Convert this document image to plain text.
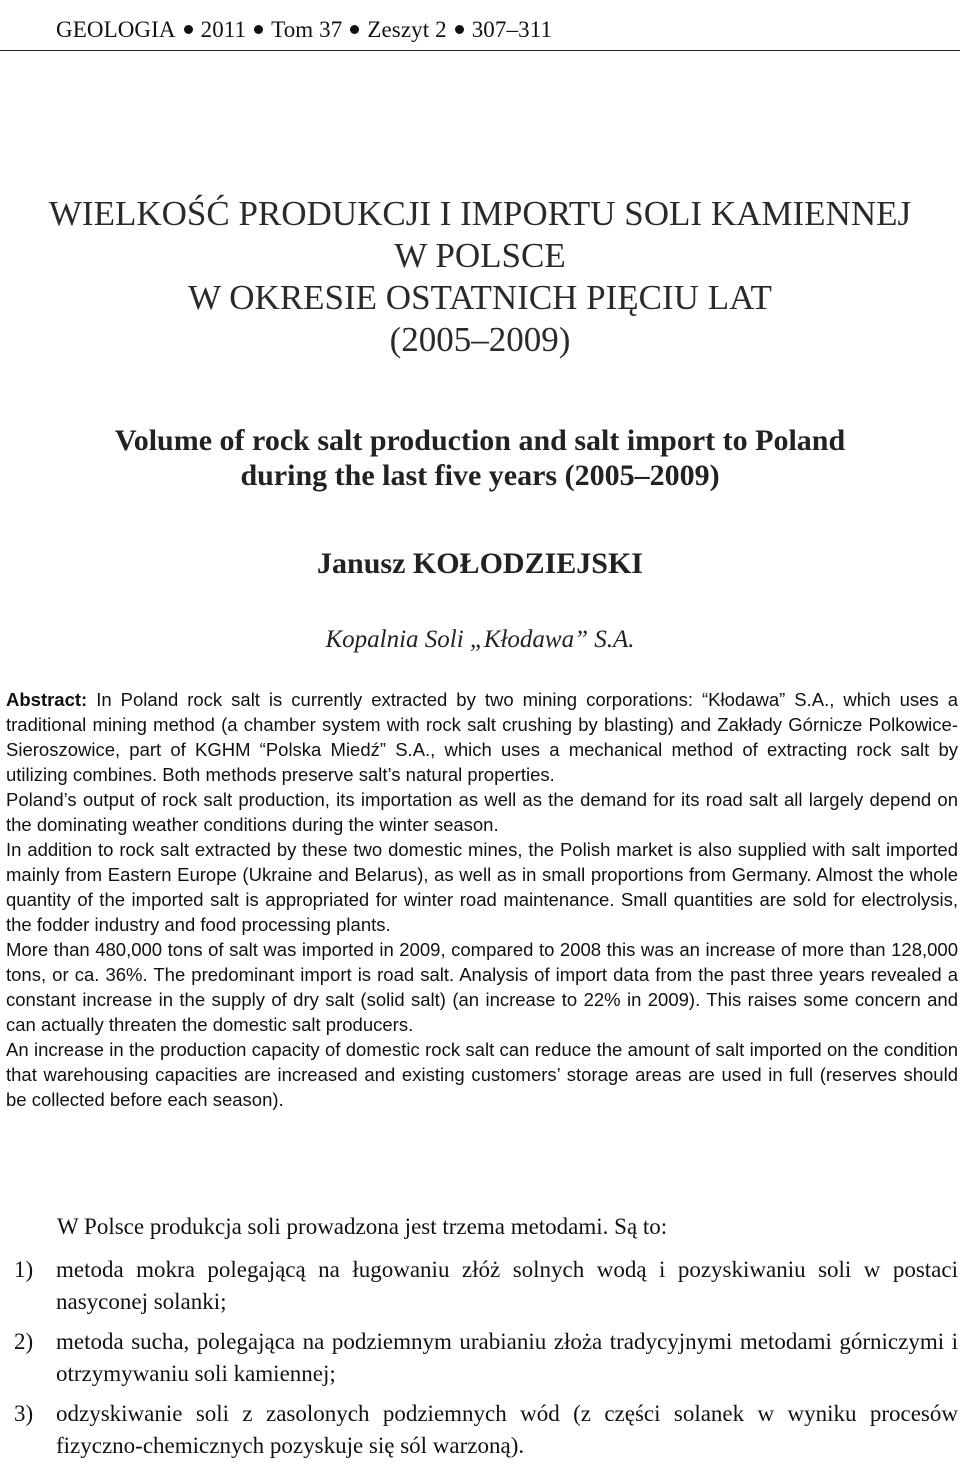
GEOLOGIA 2011 Tom 37 Zeszyt 2 307–311
WIELKOŚĆ PRODUKCJI I IMPORTU SOLI KAMIENNEJ
W POLSCE
W OKRESIE OSTATNICH PIĘCIU LAT
(2005–2009)
Volume of rock salt production and salt import to Poland
during the last five years (2005–2009)
Janusz KOŁODZIEJSKI
Kopalnia Soli „Kłodawa” S.A.

Abstract: In Poland rock salt is currently extracted by two mining corporations: “Kłodawa” S.A., which uses a traditional mining method (a chamber system with rock salt crushing by blasting) and Zakłady Górnicze Polkowice-Sieroszowice, part of KGHM “Polska Miedź” S.A., which uses a mechanical method of extracting rock salt by utilizing combines. Both methods preserve salt’s natural properties.

Poland’s output of rock salt production, its importation as well as the demand for its road salt all largely depend on the dominating weather conditions during the winter season.

In addition to rock salt extracted by these two domestic mines, the Polish market is also supplied with salt imported mainly from Eastern Europe (Ukraine and Belarus), as well as in small proportions from Germany. Almost the whole quantity of the imported salt is appropriated for winter road maintenance. Small quantities are sold for electrolysis, the fodder industry and food processing plants.

More than 480,000 tons of salt was imported in 2009, compared to 2008 this was an increase of more than 128,000 tons, or ca. 36%. The predominant import is road salt. Analysis of import data from the past three years revealed a constant increase in the supply of dry salt (solid salt) (an increase to 22% in 2009). This raises some concern and can actually threaten the domestic salt producers.

An increase in the production capacity of domestic rock salt can reduce the amount of salt imported on the condition that warehousing capacities are increased and existing customers’ storage areas are used in full (reserves should be collected before each season).

W Polsce produkcja soli prowadzona jest trzema metodami. Są to:
1) metoda mokra polegającą na ługowaniu złóż solnych wodą i pozyskiwaniu soli w postaci nasyconej solanki;
2) metoda sucha, polegająca na podziemnym urabianiu złoża tradycyjnymi metodami górniczymi i otrzymywaniu soli kamiennej;
3) odzyskiwanie soli z zasolonych podziemnych wód (z części solanek w wyniku procesów fizyczno-chemicznych pozyskuje się sól warzoną).
